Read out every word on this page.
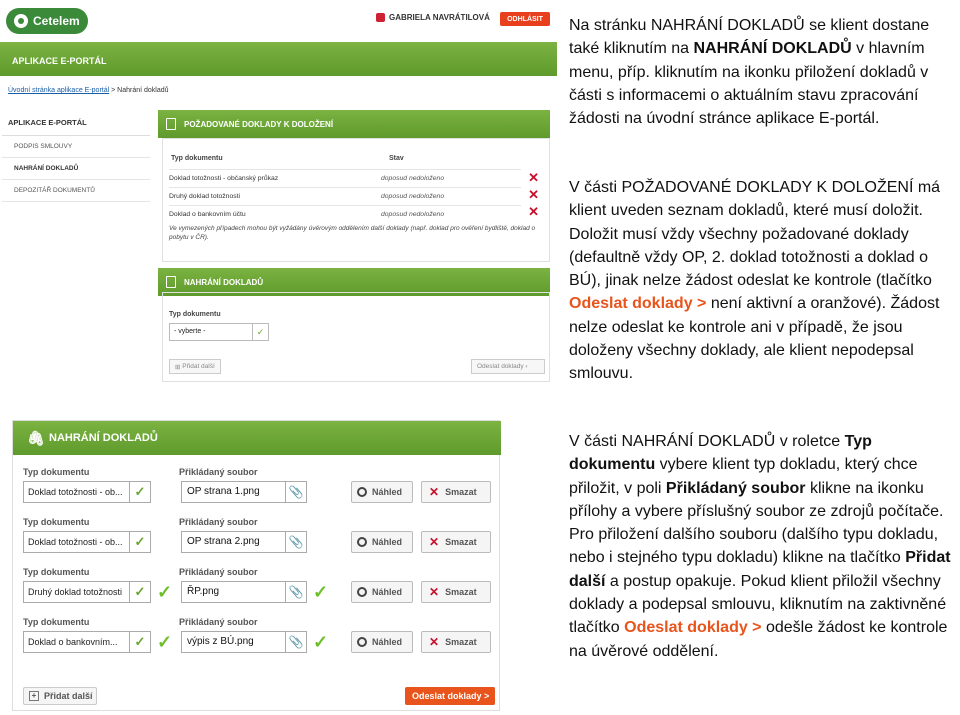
Cetelem	GABRIELA NAVRÁTILOVÁ	ODHLÁSIT
APLIKACE E-PORTÁL
Úvodní stránka aplikace E-portál > Nahrání dokladů
APLIKACE E-PORTÁL
PODPIS SMLOUVY
NAHRÁNÍ DOKLADŮ
DEPOZITÁŘ DOKUMENTŮ
POŽADOVANÉ DOKLADY K DOLOŽENÍ
Typ dokumentu	Stav
Doklad totožnosti - občanský průkaz	doposud nedoloženo	✕
Druhý doklad totožnosti	doposud nedoloženo	✕
Doklad o bankovním účtu	doposud nedoloženo	✕
Ve vymezených případech mohou být vyžádány úvěrovým oddělením další doklady (např. doklad pro ověření bydliště, doklad o pobytu v ČR).
NAHRÁNÍ DOKLADŮ
Typ dokumentu
- vyberte -	✓
⊞ Přidat další	Odeslat doklady ›
🖇 NAHRÁNÍ DOKLADŮ
Typ dokumentu	Přikládaný soubor
Doklad totožnosti - ob... ✓	OP strana 1.png	📎	Náhled ✕ Smazat
Typ dokumentu	Přikládaný soubor
Doklad totožnosti - ob... ✓	OP strana 2.png	📎	Náhled ✕ Smazat
Typ dokumentu	Přikládaný soubor
Druhý doklad totožnosti ✓ ✓	ŘP.png	📎 ✓	Náhled ✕ Smazat
Typ dokumentu	Přikládaný soubor
Doklad o bankovním...	✓ ✓	výpis z BÚ.png	📎 ✓	Náhled ✕ Smazat
+ Přidat další	Odeslat doklady >
Na stránku NAHRÁNÍ DOKLADŮ se klient dostane také kliknutím na NAHRÁNÍ DOKLADŮ v hlavním menu, příp. kliknutím na ikonku přiložení dokladů v části s informacemi o aktuálním stavu zpracování žádosti na úvodní stránce aplikace E-portál.
V části POŽADOVANÉ DOKLADY K DOLOŽENÍ má klient uveden seznam dokladů, které musí doložit. Doložit musí vždy všechny požadované doklady (defaultně vždy OP, 2. doklad totožnosti a doklad o BÚ), jinak nelze žádost odeslat ke kontrole (tlačítko Odeslat doklady > není aktivní a oranžové). Žádost nelze odeslat ke kontrole ani v případě, že jsou doloženy všechny doklady, ale klient nepodepsal smlouvu.
V části NAHRÁNÍ DOKLADŮ v roletce Typ dokumentu vybere klient typ dokladu, který chce přiložit, v poli Přikládaný soubor klikne na ikonku přílohy a vybere příslušný soubor ze zdrojů počítače. Pro přiložení dalšího souboru (dalšího typu dokladu, nebo i stejného typu dokladu) klikne na tlačítko Přidat další a postup opakuje. Pokud klient přiložil všechny doklady a podepsal smlouvu, kliknutím na zaktivněné tlačítko Odeslat doklady > odešle žádost ke kontrole na úvěrové oddělení.
